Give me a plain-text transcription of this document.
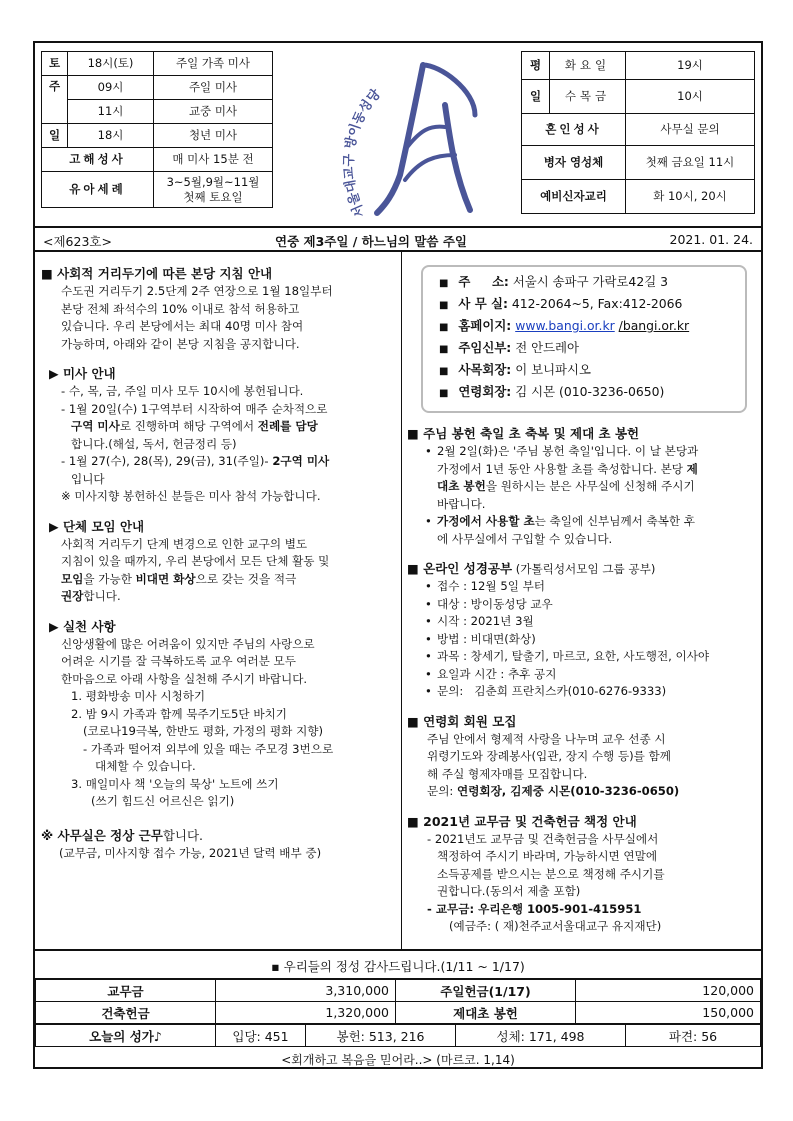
토	18시(토)	주일 가족 미사
주	09시	주일 미사
	11시	교중 미사
일	18시	청년 미사
고해성사		매 미사 15분 전
유아세례		3~5월,9월~11월
첫째 토요일
서울대교구 방이동성당
평	화요일	19시
일	수목금	10시
혼인성사		사무실 문의
병자 영성체		첫째 금요일 11시
예비신자교리		화 10시, 20시
<제623호>	연중 제3주일 / 하느님의 말씀 주일	2021. 01. 24.
■ 사회적 거리두기에 따른 본당 지침 안내
수도권 거리두기 2.5단계 2주 연장으로 1월 18일부터
본당 전체 좌석수의 10% 이내로 참석 허용하고
있습니다. 우리 본당에서는 최대 40명 미사 참여
가능하며, 아래와 같이 본당 지침을 공지합니다.
▶ 미사 안내
- 수, 목, 금, 주일 미사 모두 10시에 봉헌됩니다.
- 1월 20일(수) 1구역부터 시작하여 매주 순차적으로
구역 미사로 진행하며 해당 구역에서 전례를 담당
합니다.(해설, 독서, 헌금정리 등)
- 1월 27(수), 28(목), 29(금), 31(주일)- 2구역 미사
입니다
※ 미사지향 봉헌하신 분들은 미사 참석 가능합니다.
▶ 단체 모임 안내
사회적 거리두기 단계 변경으로 인한 교구의 별도
지침이 있을 때까지, 우리 본당에서 모든 단체 활동 및
모임을 가능한 비대면 화상으로 갖는 것을 적극
권장합니다.
▶ 실천 사항
신앙생활에 많은 어려움이 있지만 주님의 사랑으로
어려운 시기를 잘 극복하도록 교우 여러분 모두
한마음으로 아래 사항을 실천해 주시기 바랍니다.
1. 평화방송 미사 시청하기
2. 밤 9시 가족과 함께 묵주기도5단 바치기
(코로나19극복, 한반도 평화, 가정의 평화 지향)
- 가족과 떨어져 외부에 있을 때는 주모경 3번으로
대체할 수 있습니다.
3. 매일미사 책 '오늘의 묵상' 노트에 쓰기
(쓰기 힘드신 어르신은 읽기)
※ 사무실은 정상 근무합니다.
(교무금, 미사지향 접수 가능, 2021년 달력 배부 중)
■ 주     소: 서울시 송파구 가락로42길 3
■ 사 무 실: 412-2064~5, Fax:412-2066
■ 홈페이지: www.bangi.or.kr /bangi.or.kr
■ 주임신부: 전 안드레아
■ 사목회장: 이 보니파시오
■ 연령회장: 김 시몬 (010-3236-0650)
■ 주님 봉헌 축일 초 축복 및 제대 초 봉헌
• 2월 2일(화)은 '주님 봉헌 축일'입니다. 이 날 본당과
가정에서 1년 동안 사용할 초를 축성합니다. 본당 제
대초 봉헌을 원하시는 분은 사무실에 신청해 주시기
바랍니다.
• 가정에서 사용할 초는 축일에 신부님께서 축복한 후
에 사무실에서 구입할 수 있습니다.
■ 온라인 성경공부 (가톨릭성서모임 그룹 공부)
• 접수 : 12월 5일 부터
• 대상 : 방이동성당 교우
• 시작 : 2021년 3월
• 방법 : 비대면(화상)
• 과목 : 창세기, 탈출기, 마르코, 요한, 사도행전, 이사야
• 요일과 시간 : 추후 공지
• 문의:   김춘희 프란치스카(010-6276-9333)
■ 연령회 회원 모집
주님 안에서 형제적 사랑을 나누며 교우 선종 시
위령기도와 장례봉사(입관, 장지 수행 등)를 함께
해 주실 형제자매를 모집합니다.
문의: 연령회장, 김제중 시몬(010-3236-0650)
■ 2021년 교무금 및 건축헌금 책정 안내
- 2021년도 교무금 및 건축헌금을 사무실에서
책정하여 주시기 바라며, 가능하시면 연말에
소득공제를 받으시는 분으로 책정해 주시기를
권합니다.(동의서 제출 포함)
- 교무금: 우리은행 1005-901-415951
(예금주: ( 재)천주교서울대교구 유지재단)
▪ 우리들의 정성 감사드립니다.(1/11 ~ 1/17)
교무금	3,310,000	주일헌금(1/17)	120,000
건축헌금	1,320,000	제대초 봉헌	150,000
오늘의 성가♪	입당: 451	봉헌: 513, 216	성체: 171, 498	파견: 56
<회개하고 복음을 믿어라..> (마르코. 1,14)
